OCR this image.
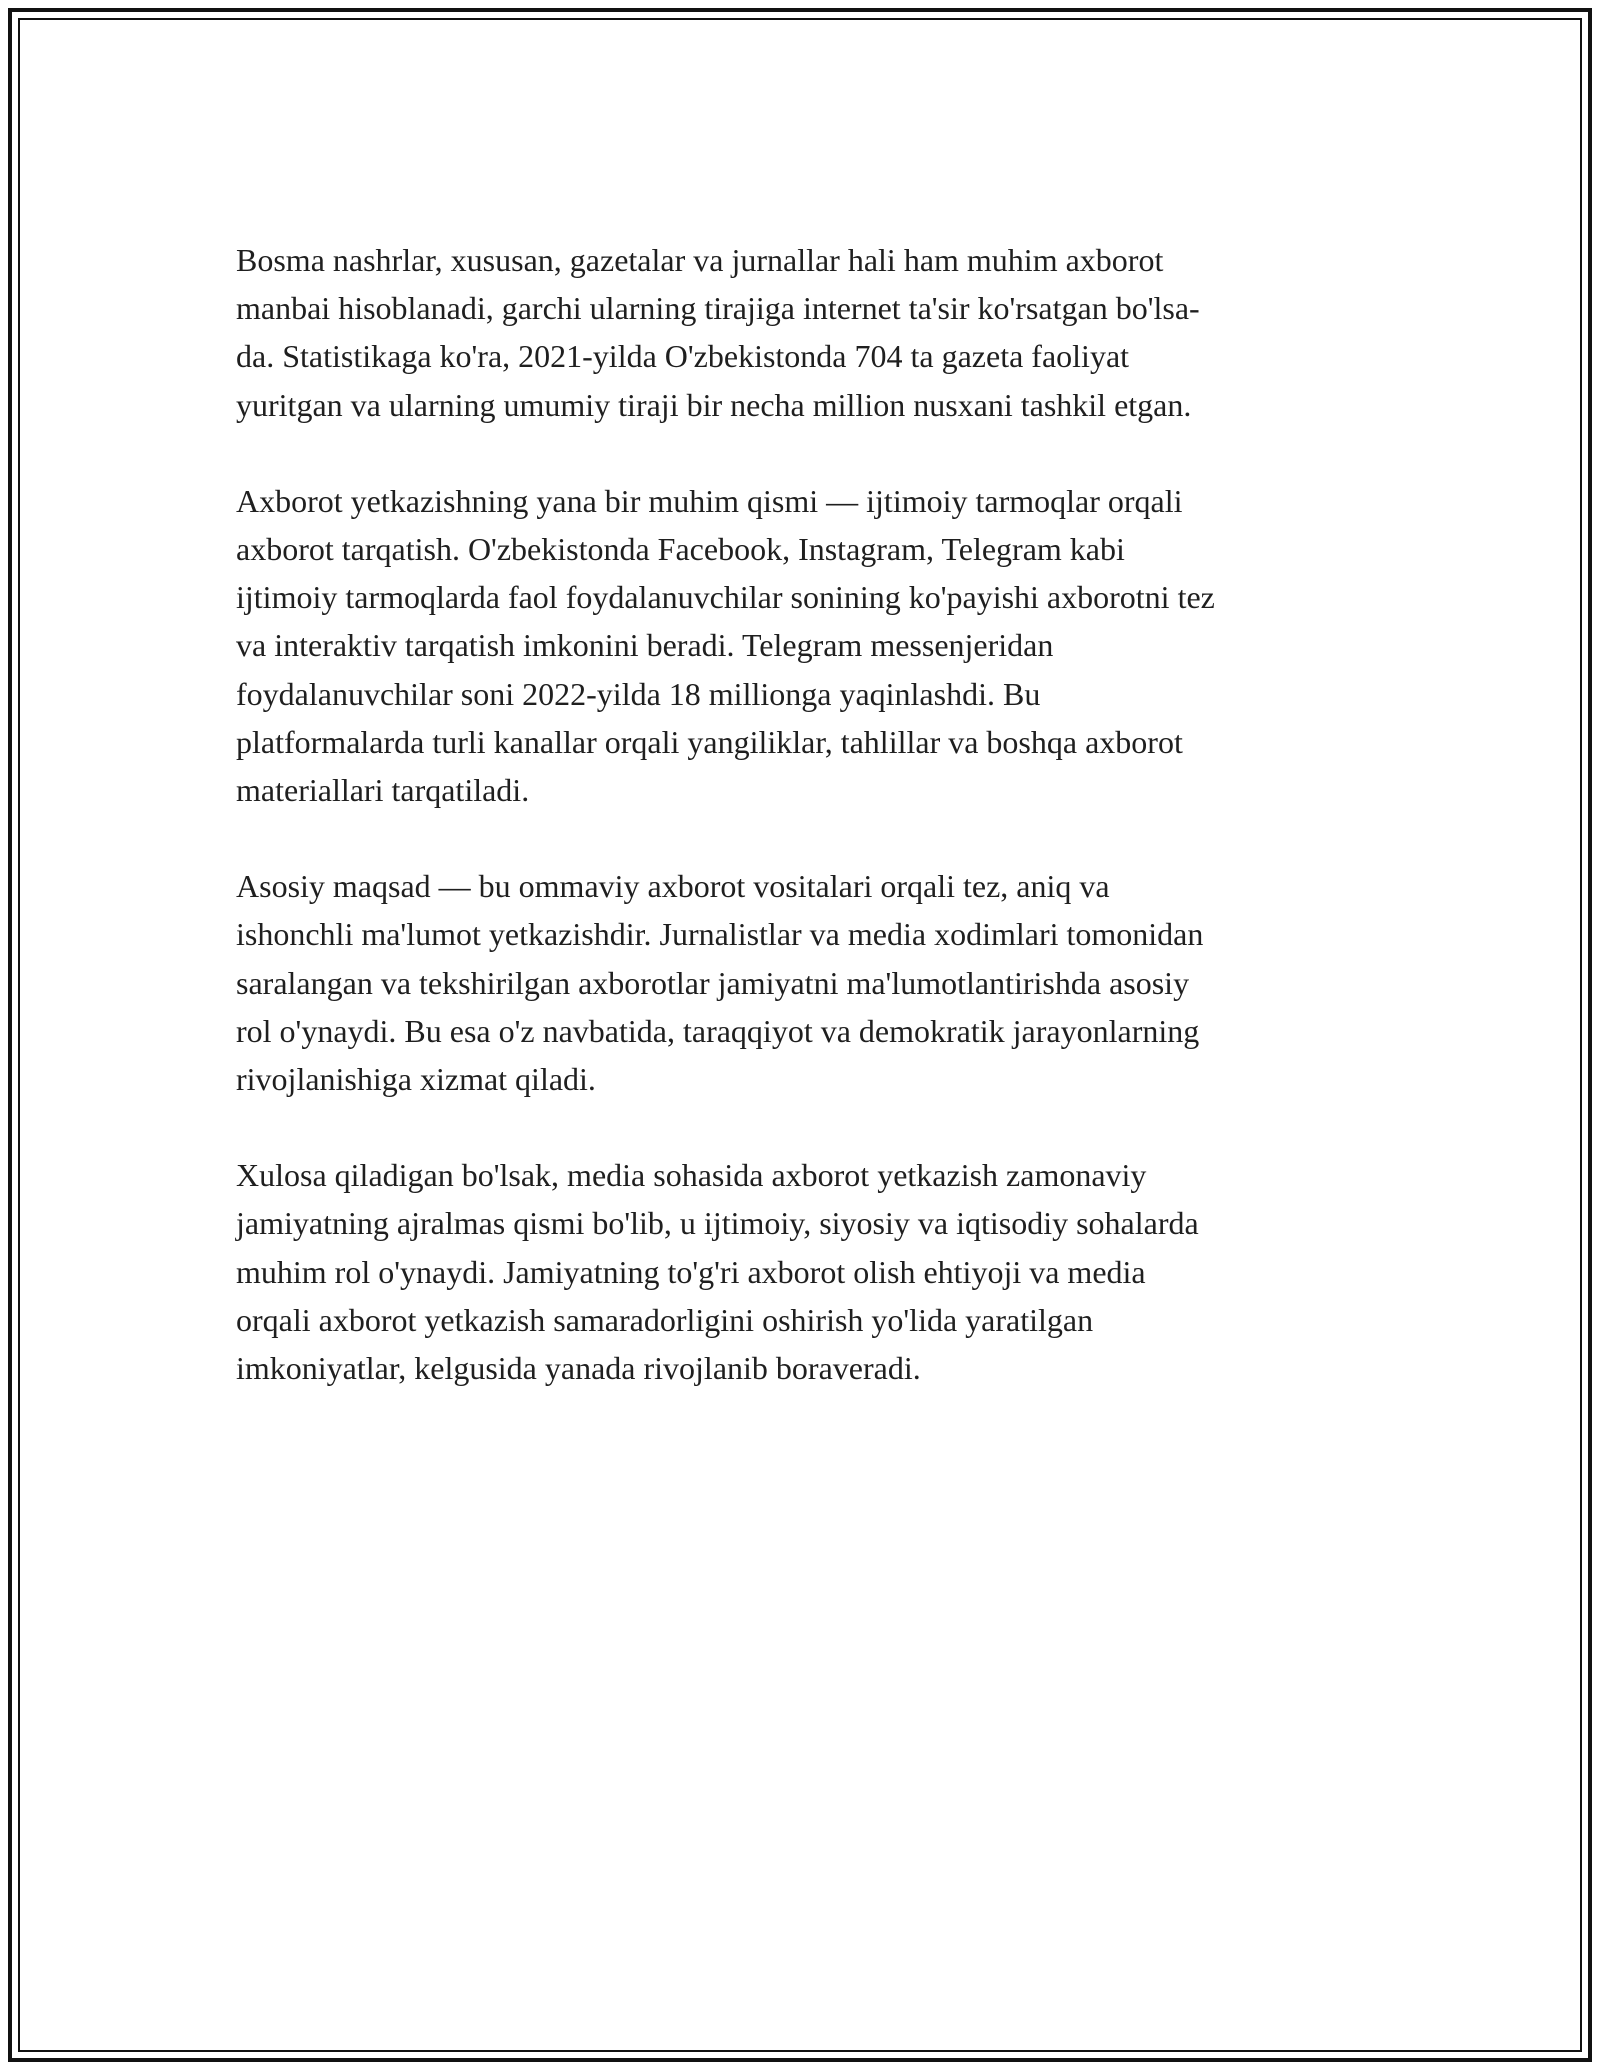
Bosma nashrlar, xususan, gazetalar va jurnallar hali ham muhim axborot
manbai hisoblanadi, garchi ularning tirajiga internet ta'sir ko'rsatgan bo'lsa-
da. Statistikaga ko'ra, 2021-yilda O'zbekistonda 704 ta gazeta faoliyat
yuritgan va ularning umumiy tiraji bir necha million nusxani tashkil etgan.

Axborot yetkazishning yana bir muhim qismi — ijtimoiy tarmoqlar orqali
axborot tarqatish. O'zbekistonda Facebook, Instagram, Telegram kabi
ijtimoiy tarmoqlarda faol foydalanuvchilar sonining ko'payishi axborotni tez
va interaktiv tarqatish imkonini beradi. Telegram messenjeridan
foydalanuvchilar soni 2022-yilda 18 millionga yaqinlashdi. Bu
platformalarda turli kanallar orqali yangiliklar, tahlillar va boshqa axborot
materiallari tarqatiladi.

Asosiy maqsad — bu ommaviy axborot vositalari orqali tez, aniq va
ishonchli ma'lumot yetkazishdir. Jurnalistlar va media xodimlari tomonidan
saralangan va tekshirilgan axborotlar jamiyatni ma'lumotlantirishda asosiy
rol o'ynaydi. Bu esa o'z navbatida, taraqqiyot va demokratik jarayonlarning
rivojlanishiga xizmat qiladi.

Xulosa qiladigan bo'lsak, media sohasida axborot yetkazish zamonaviy
jamiyatning ajralmas qismi bo'lib, u ijtimoiy, siyosiy va iqtisodiy sohalarda
muhim rol o'ynaydi. Jamiyatning to'g'ri axborot olish ehtiyoji va media
orqali axborot yetkazish samaradorligini oshirish yo'lida yaratilgan
imkoniyatlar, kelgusida yanada rivojlanib boraveradi.
